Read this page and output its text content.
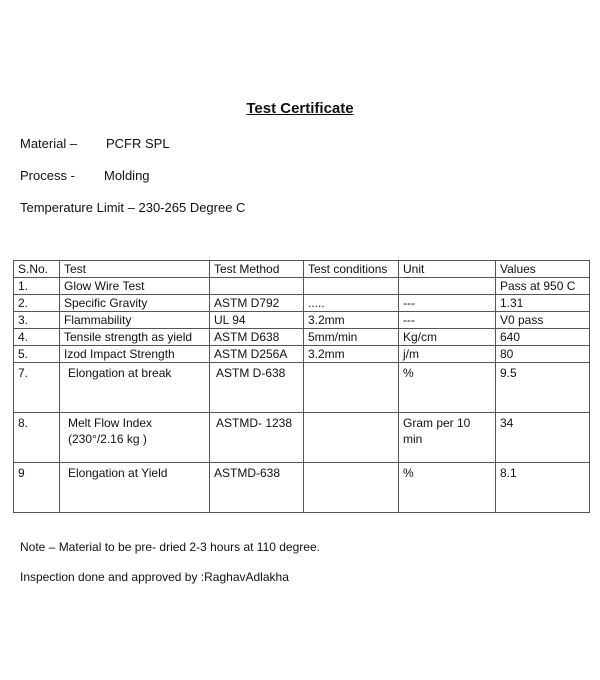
Test Certificate
Material – PCFR SPL
Process - Molding
Temperature Limit – 230-265 Degree C
S.No.	Test	Test Method	Test conditions	Unit	Values
1.	Glow Wire Test				Pass at 950 C
2.	Specific Gravity	ASTM D792	.....	---	1.31
3.	Flammability	UL 94	3.2mm	---	V0 pass
4.	Tensile strength as yield	ASTM D638	5mm/min	Kg/cm	640
5.	Izod Impact Strength	ASTM D256A	3.2mm	j/m	80
7.	Elongation at break	ASTM D-638		%	9.5
8.	Melt Flow Index (230°/2.16 kg )	ASTMD- 1238		Gram per 10 min	34
9	Elongation at Yield	ASTMD-638		%	8.1
Note – Material to be pre- dried 2-3 hours at 110 degree.
Inspection done and approved by :RaghavAdlakha
